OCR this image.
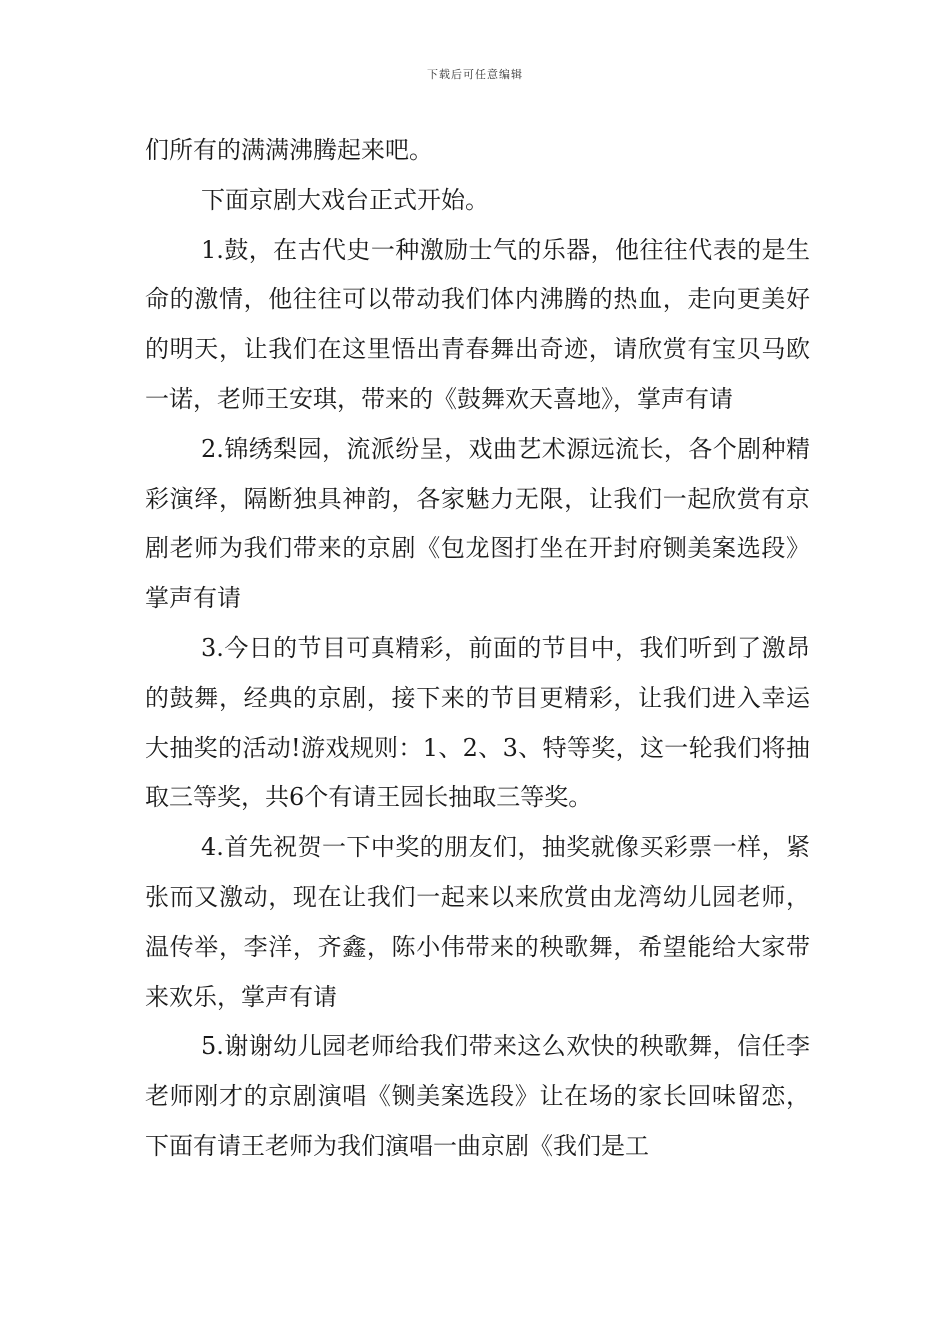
下载后可任意编辑

们所有的满满沸腾起来吧。

下面京剧大戏台正式开始。

1.鼓，在古代史一种激励士气的乐器，他往往代表的是生命的激情，他往往可以带动我们体内沸腾的热血，走向更美好的明天，让我们在这里悟出青春舞出奇迹，请欣赏有宝贝马欧一诺，老师王安琪，带来的《鼓舞欢天喜地》，掌声有请

2.锦绣梨园，流派纷呈，戏曲艺术源远流长，各个剧种精彩演绎，隔断独具神韵，各家魅力无限，让我们一起欣赏有京剧老师为我们带来的京剧《包龙图打坐在开封府铡美案选段》掌声有请

3.今日的节目可真精彩，前面的节目中，我们听到了激昂的鼓舞，经典的京剧，接下来的节目更精彩，让我们进入幸运大抽奖的活动!游戏规则：1、2、3、特等奖，这一轮我们将抽取三等奖，共6个有请王园长抽取三等奖。

4.首先祝贺一下中奖的朋友们，抽奖就像买彩票一样，紧张而又激动，现在让我们一起来以来欣赏由龙湾幼儿园老师，温传举，李洋，齐鑫，陈小伟带来的秧歌舞，希望能给大家带来欢乐，掌声有请

5.谢谢幼儿园老师给我们带来这么欢快的秧歌舞，信任李老师刚才的京剧演唱《铡美案选段》让在场的家长回味留恋，下面有请王老师为我们演唱一曲京剧《我们是工
